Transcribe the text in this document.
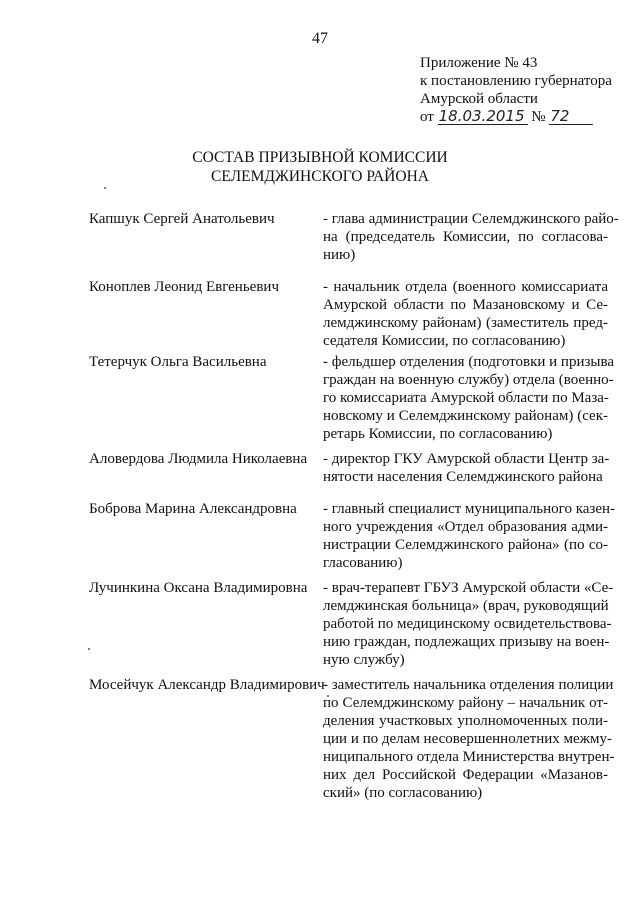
47
Приложение № 43
к постановлению губернатора
Амурской области
от 18.03.2015 № 72
СОСТАВ ПРИЗЫВНОЙ КОМИССИИ
СЕЛЕМДЖИНСКОГО РАЙОНА
Капшук Сергей Анатольевич	- глава администрации Селемджинского райо-
на (председатель Комиссии, по согласова-
нию)
Коноплев Леонид Евгеньевич	- начальник отдела (военного комиссариата
Амурской области по Мазановскому и Се-
лемджинскому районам) (заместитель пред-
седателя Комиссии, по согласованию)
Тетерчук Ольга Васильевна	- фельдшер отделения (подготовки и призыва
граждан на военную службу) отдела (военно-
го комиссариата Амурской области по Маза-
новскому и Селемджинскому районам) (сек-
ретарь Комиссии, по согласованию)
Аловердова Людмила Николаевна	- директор ГКУ Амурской области Центр за-
нятости населения Селемджинского района
Боброва Марина Александровна	- главный специалист муниципального казен-
ного учреждения «Отдел образования адми-
нистрации Селемджинского района» (по со-
гласованию)
Лучинкина Оксана Владимировна	- врач-терапевт ГБУЗ Амурской области «Се-
лемджинская больница» (врач, руководящий
работой по медицинскому освидетельствова-
нию граждан, подлежащих призыву на воен-
ную службу)
Мосейчук Александр Владимирович
- заместитель начальника отделения полиции
по Селемджинскому району – начальник от-
деления участковых уполномоченных поли-
ции и по делам несовершеннолетних межму-
ниципального отдела Министерства внутрен-
них дел Российской Федерации «Мазанов-
ский» (по согласованию)
